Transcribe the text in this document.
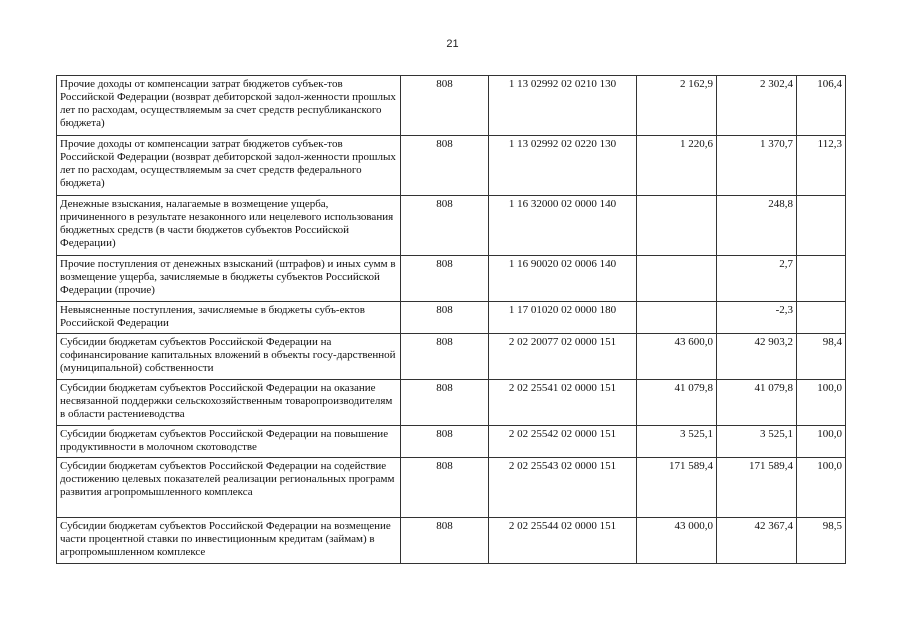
21
Прочие доходы от компенсации затрат бюджетов субъек-тов Российской Федерации (возврат дебиторской задол-женности прошлых лет по расходам, осуществляемым за счет средств республиканского бюджета)	808	1 13 02992 02 0210 130	2 162,9	2 302,4	106,4
Прочие доходы от компенсации затрат бюджетов субъек-тов Российской Федерации (возврат дебиторской задол-женности прошлых лет по расходам, осуществляемым за счет средств федерального бюджета)	808	1 13 02992 02 0220 130	1 220,6	1 370,7	112,3
Денежные взыскания, налагаемые в возмещение ущерба, причиненного в результате незаконного или нецелевого использования бюджетных средств (в части бюджетов субъектов Российской Федерации)	808	1 16 32000 02 0000 140		248,8	
Прочие поступления от денежных взысканий (штрафов) и иных сумм в возмещение ущерба, зачисляемые в бюджеты субъектов Российской Федерации (прочие)	808	1 16 90020 02 0006 140		2,7	
Невыясненные поступления, зачисляемые в бюджеты субъ-ектов Российской Федерации	808	1 17 01020 02 0000 180		-2,3	
Субсидии бюджетам субъектов Российской Федерации на софинансирование капитальных вложений в объекты госу-дарственной (муниципальной) собственности	808	2 02 20077 02 0000 151	43 600,0	42 903,2	98,4
Субсидии бюджетам субъектов Российской Федерации на оказание несвязанной поддержки сельскохозяйственным товаропроизводителям в области растениеводства	808	2 02 25541 02 0000 151	41 079,8	41 079,8	100,0
Субсидии бюджетам субъектов Российской Федерации на повышение продуктивности в молочном скотоводстве	808	2 02 25542 02 0000 151	3 525,1	3 525,1	100,0
Субсидии бюджетам субъектов Российской Федерации на содействие достижению целевых показателей реализации региональных программ развития агропромышленного комплекса	808	2 02 25543 02 0000 151	171 589,4	171 589,4	100,0
Субсидии бюджетам субъектов Российской Федерации на возмещение части процентной ставки по инвестиционным кредитам (займам) в агропромышленном комплексе	808	2 02 25544 02 0000 151	43 000,0	42 367,4	98,5
